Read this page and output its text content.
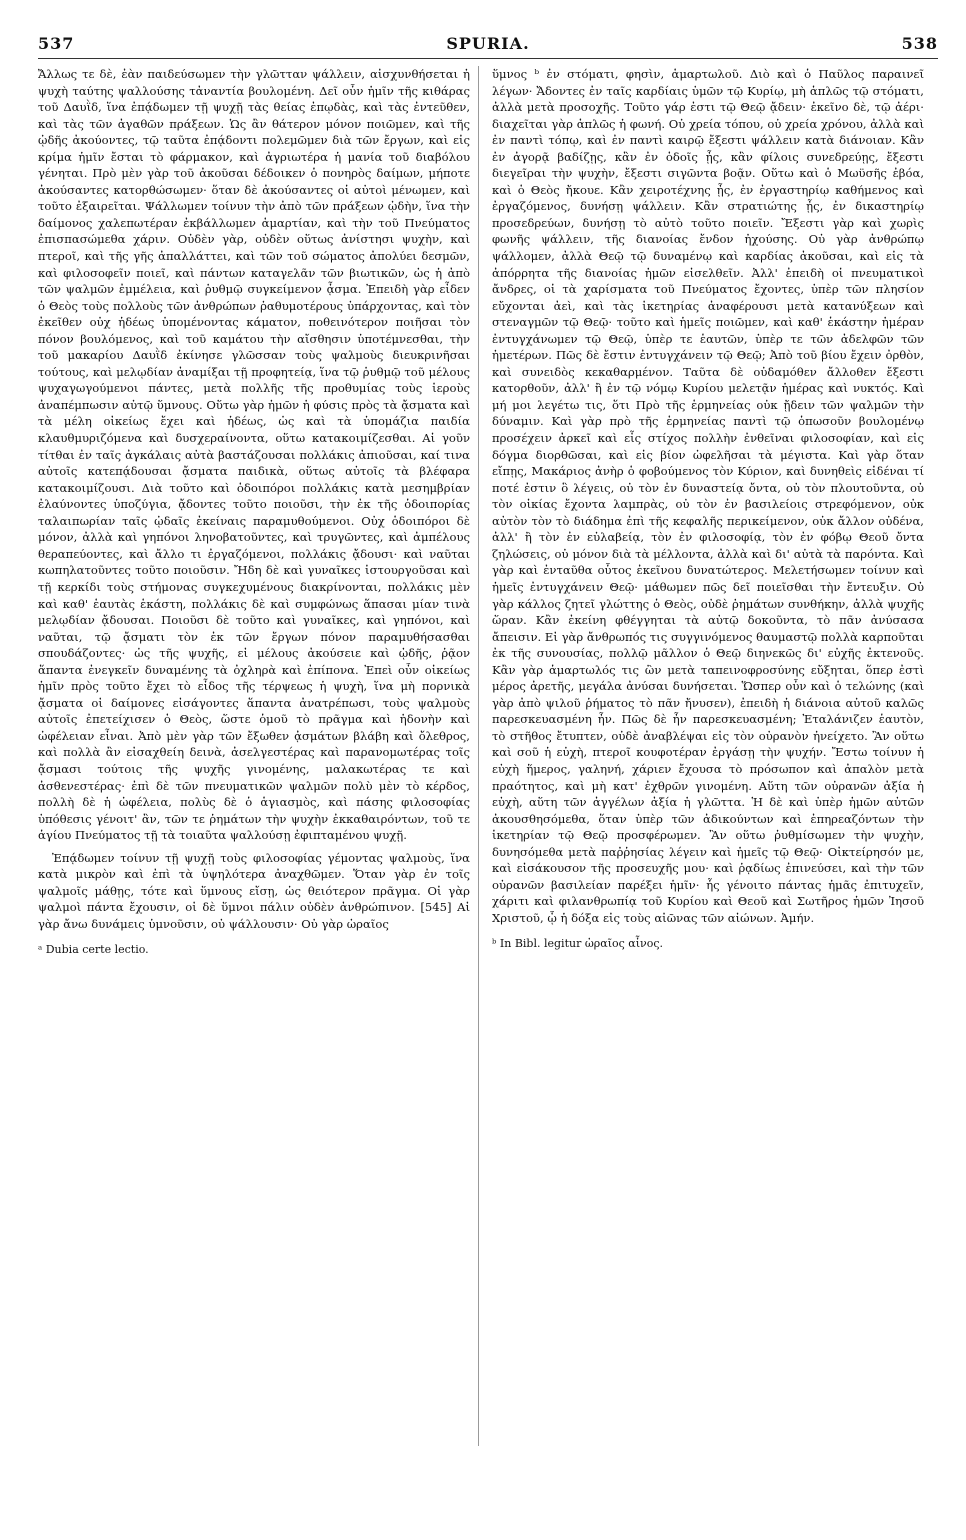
537	SPURIA.	538

Ἄλλως τε δὲ, ἐὰν παιδεύσωμεν τὴν γλῶτταν ψάλλειν, αἰσχυνθήσεται ἡ ψυχὴ ταύτης ψαλλούσης τἀναντία βουλομένη. Δεῖ οὖν ἡμῖν τῆς κιθάρας τοῦ Δαυῒδ, ἵνα ἐπᾴδωμεν τῇ ψυχῇ τὰς θείας ἐπῳδὰς, καὶ τὰς ἐντεῦθεν, καὶ τὰς τῶν ἀγαθῶν πράξεων. Ὡς ἂν θάτερον μόνον ποιῶμεν, καὶ τῆς ᾠδῆς ἀκούοντες, τῷ ταῦτα ἐπᾴδοντι πολεμῶμεν διὰ τῶν ἔργων, καὶ εἰς κρίμα ἡμῖν ἔσται τὸ φάρμακον, καὶ ἀγριωτέρα ἡ μανία τοῦ διαβόλου γένηται. Πρὸ μὲν γὰρ τοῦ ἀκοῦσαι δέδοικεν ὁ πονηρὸς δαίμων, μήποτε ἀκούσαντες κατορθώσωμεν· ὅταν δὲ ἀκούσαντες οἱ αὐτοὶ μένωμεν, καὶ τοῦτο ἐξαιρεῖται. Ψάλλωμεν τοίνυν τὴν ἀπὸ τῶν πράξεων ᾠδὴν, ἵνα τὴν δαίμονος χαλεπωτέραν ἐκβάλλωμεν ἁμαρτίαν, καὶ τὴν τοῦ Πνεύματος ἐπισπασώμεθα χάριν. Οὐδὲν γὰρ, οὐδὲν οὕτως ἀνίστησι ψυχὴν, καὶ πτεροῖ, καὶ τῆς γῆς ἀπαλλάττει, καὶ τῶν τοῦ σώματος ἀπολύει δεσμῶν, καὶ φιλοσοφεῖν ποιεῖ, καὶ πάντων καταγελᾶν τῶν βιωτικῶν, ὡς ἡ ἀπὸ τῶν ψαλμῶν ἐμμέλεια, καὶ ῥυθμῷ συγκείμενον ᾆσμα. Ἐπειδὴ γὰρ εἶδεν ὁ Θεὸς τοὺς πολλοὺς τῶν ἀνθρώπων ῥαθυμοτέρους ὑπάρχοντας, καὶ τὸν ἐκεῖθεν οὐχ ἡδέως ὑπομένοντας κάματον, ποθεινότερον ποιῆσαι τὸν πόνον βουλόμενος, καὶ τοῦ καμάτου τὴν αἴσθησιν ὑποτέμνεσθαι, τὴν τοῦ μακαρίου Δαυῒδ ἐκίνησε γλῶσσαν τοὺς ψαλμοὺς διευκρινῆσαι τούτους, καὶ μελῳδίαν ἀναμίξαι τῇ προφητείᾳ, ἵνα τῷ ῥυθμῷ τοῦ μέλους ψυχαγωγούμενοι πάντες, μετὰ πολλῆς τῆς προθυμίας τοὺς ἱεροὺς ἀναπέμπωσιν αὐτῷ ὕμνους. Οὕτω γὰρ ἡμῶν ἡ φύσις πρὸς τὰ ᾄσματα καὶ τὰ μέλη οἰκείως ἔχει καὶ ἡδέως, ὡς καὶ τὰ ὑπομάζια παιδία κλαυθμυριζόμενα καὶ δυσχεραίνοντα, οὕτω κατακοιμίζεσθαι. Αἱ γοῦν τίτθαι ἐν ταῖς ἀγκάλαις αὐτὰ βαστάζουσαι πολλάκις ἀπιοῦσαι, καί τινα αὐτοῖς κατεπᾴδουσαι ᾄσματα παιδικὰ, οὕτως αὐτοῖς τὰ βλέφαρα κατακοιμίζουσι. Διὰ τοῦτο καὶ ὁδοιπόροι πολλάκις κατὰ μεσημβρίαν ἐλαύνοντες ὑποζύγια, ᾄδοντες τοῦτο ποιοῦσι, τὴν ἐκ τῆς ὁδοιπορίας ταλαιπωρίαν ταῖς ᾠδαῖς ἐκείναις παραμυθούμενοι. Οὐχ ὁδοιπόροι δὲ μόνον, ἀλλὰ καὶ γηπόνοι ληνοβατοῦντες, καὶ τρυγῶντες, καὶ ἀμπέλους θεραπεύοντες, καὶ ἄλλο τι ἐργαζόμενοι, πολλάκις ᾄδουσι· καὶ ναῦται κωπηλατοῦντες τοῦτο ποιοῦσιν. Ἤδη δὲ καὶ γυναῖκες ἱστουργοῦσαι καὶ τῇ κερκίδι τοὺς στήμονας συγκεχυμένους διακρίνονται, πολλάκις μὲν καὶ καθ' ἑαυτὰς ἑκάστη, πολλάκις δὲ καὶ συμφώνως ἅπασαι μίαν τινὰ μελῳδίαν ᾄδουσαι. Ποιοῦσι δὲ τοῦτο καὶ γυναῖκες, καὶ γηπόνοι, καὶ ναῦται, τῷ ᾄσματι τὸν ἐκ τῶν ἔργων πόνον παραμυθήσασθαι σπουδάζοντες· ὡς τῆς ψυχῆς, εἰ μέλους ἀκούσειε καὶ ᾠδῆς, ῥᾷον ἅπαντα ἐνεγκεῖν δυναμένης τὰ ὀχληρὰ καὶ ἐπίπονα. Ἐπεὶ οὖν οἰκείως ἡμῖν πρὸς τοῦτο ἔχει τὸ εἶδος τῆς τέρψεως ἡ ψυχὴ, ἵνα μὴ πορνικὰ ᾄσματα οἱ δαίμονες εἰσάγοντες ἅπαντα ἀνατρέπωσι, τοὺς ψαλμοὺς αὐτοῖς ἐπετείχισεν ὁ Θεὸς, ὥστε ὁμοῦ τὸ πρᾶγμα καὶ ἡδονὴν καὶ ὠφέλειαν εἶναι. Ἀπὸ μὲν γὰρ τῶν ἔξωθεν ᾀσμάτων βλάβη καὶ ὄλεθρος, καὶ πολλὰ ἂν εἰσαχθείη δεινὰ, ἀσελγεστέρας καὶ παρανομωτέρας τοῖς ᾄσμασι τούτοις τῆς ψυχῆς γινομένης, μαλακωτέρας τε καὶ ἀσθενεστέρας· ἐπὶ δὲ τῶν πνευματικῶν ψαλμῶν πολὺ μὲν τὸ κέρδος, πολλὴ δὲ ἡ ὠφέλεια, πολὺς δὲ ὁ ἁγιασμὸς, καὶ πάσης φιλοσοφίας ὑπόθεσις γένοιτ' ἂν, τῶν τε ῥημάτων τὴν ψυχὴν ἐκκαθαιρόντων, τοῦ τε ἁγίου Πνεύματος τῇ τὰ τοιαῦτα ψαλλούσῃ ἐφιπταμένου ψυχῇ.

Ἐπᾴδωμεν τοίνυν τῇ ψυχῇ τοὺς φιλοσοφίας γέμοντας ψαλμοὺς, ἵνα κατὰ μικρὸν καὶ ἐπὶ τὰ ὑψηλότερα ἀναχθῶμεν. Ὅταν γὰρ ἐν τοῖς ψαλμοῖς μάθῃς, τότε καὶ ὕμνους εἴσῃ, ὡς θειότερον πρᾶγμα. Οἱ γὰρ ψαλμοὶ πάντα ἔχουσιν, οἱ δὲ ὕμνοι πάλιν οὐδὲν ἀνθρώπινον. [545] Αἱ γὰρ ἄνω δυνάμεις ὑμνοῦσιν, οὐ ψάλλουσιν· Οὐ γὰρ ὡραῖος

ᵃ Dubia certe lectio.

ὕμνος ᵇ ἐν στόματι, φησὶν, ἁμαρτωλοῦ. Διὸ καὶ ὁ Παῦλος παραινεῖ λέγων· Ἄδοντες ἐν ταῖς καρδίαις ὑμῶν τῷ Κυρίῳ, μὴ ἁπλῶς τῷ στόματι, ἀλλὰ μετὰ προσοχῆς. Τοῦτο γάρ ἐστι τῷ Θεῷ ᾄδειν· ἐκεῖνο δὲ, τῷ ἀέρι· διαχεῖται γὰρ ἁπλῶς ἡ φωνή. Οὐ χρεία τόπου, οὐ χρεία χρόνου, ἀλλὰ καὶ ἐν παντὶ τόπῳ, καὶ ἐν παντὶ καιρῷ ἔξεστι ψάλλειν κατὰ διάνοιαν. Κἂν ἐν ἀγορᾷ βαδίζῃς, κἂν ἐν ὁδοῖς ᾖς, κἂν φίλοις συνεδρεύῃς, ἔξεστι διεγεῖραι τὴν ψυχὴν, ἔξεστι σιγῶντα βοᾷν. Οὕτω καὶ ὁ Μωϋσῆς ἐβόα, καὶ ὁ Θεὸς ἤκουε. Κἂν χειροτέχνης ᾖς, ἐν ἐργαστηρίῳ καθήμενος καὶ ἐργαζόμενος, δυνήσῃ ψάλλειν. Κἂν στρατιώτης ᾖς, ἐν δικαστηρίῳ προσεδρεύων, δυνήσῃ τὸ αὐτὸ τοῦτο ποιεῖν. Ἔξεστι γὰρ καὶ χωρὶς φωνῆς ψάλλειν, τῆς διανοίας ἔνδον ἠχούσης. Οὐ γὰρ ἀνθρώπῳ ψάλλομεν, ἀλλὰ Θεῷ τῷ δυναμένῳ καὶ καρδίας ἀκοῦσαι, καὶ εἰς τὰ ἀπόρρητα τῆς διανοίας ἡμῶν εἰσελθεῖν. Ἀλλ' ἐπειδὴ οἱ πνευματικοὶ ἄνδρες, οἱ τὰ χαρίσματα τοῦ Πνεύματος ἔχοντες, ὑπὲρ τῶν πλησίον εὔχονται ἀεὶ, καὶ τὰς ἱκετηρίας ἀναφέρουσι μετὰ κατανύξεων καὶ στεναγμῶν τῷ Θεῷ· τοῦτο καὶ ἡμεῖς ποιῶμεν, καὶ καθ' ἑκάστην ἡμέραν ἐντυγχάνωμεν τῷ Θεῷ, ὑπὲρ τε ἑαυτῶν, ὑπὲρ τε τῶν ἀδελφῶν τῶν ἡμετέρων. Πῶς δὲ ἔστιν ἐντυγχάνειν τῷ Θεῷ; Ἀπὸ τοῦ βίου ἔχειν ὀρθὸν, καὶ συνειδὸς κεκαθαρμένον. Ταῦτα δὲ οὐδαμόθεν ἄλλοθεν ἔξεστι κατορθοῦν, ἀλλ' ἢ ἐν τῷ νόμῳ Κυρίου μελετᾷν ἡμέρας καὶ νυκτός. Καὶ μή μοι λεγέτω τις, ὅτι Πρὸ τῆς ἑρμηνείας οὐκ ᾔδειν τῶν ψαλμῶν τὴν δύναμιν. Καὶ γὰρ πρὸ τῆς ἑρμηνείας παντὶ τῷ ὁπωσοῦν βουλομένῳ προσέχειν ἀρκεῖ καὶ εἷς στίχος πολλὴν ἐνθεῖναι φιλοσοφίαν, καὶ εἰς δόγμα διορθῶσαι, καὶ εἰς βίον ὠφελῆσαι τὰ μέγιστα. Καὶ γὰρ ὅταν εἴπῃς, Μακάριος ἀνὴρ ὁ φοβούμενος τὸν Κύριον, καὶ δυνηθεὶς εἰδέναι τί ποτέ ἐστιν ὃ λέγεις, οὐ τὸν ἐν δυναστείᾳ ὄντα, οὐ τὸν πλουτοῦντα, οὐ τὸν οἰκίας ἔχοντα λαμπρὰς, οὐ τὸν ἐν βασιλείοις στρεφόμενον, οὐκ αὐτὸν τὸν τὸ διάδημα ἐπὶ τῆς κεφαλῆς περικείμενον, οὐκ ἄλλον οὐδένα, ἀλλ' ἢ τὸν ἐν εὐλαβείᾳ, τὸν ἐν φιλοσοφίᾳ, τὸν ἐν φόβῳ Θεοῦ ὄντα ζηλώσεις, οὐ μόνον διὰ τὰ μέλλοντα, ἀλλὰ καὶ δι' αὐτὰ τὰ παρόντα. Καὶ γὰρ καὶ ἐνταῦθα οὗτος ἐκεῖνου δυνατώτερος. Μελετήσωμεν τοίνυν καὶ ἡμεῖς ἐντυγχάνειν Θεῷ· μάθωμεν πῶς δεῖ ποιεῖσθαι τὴν ἔντευξιν. Οὐ γὰρ κάλλος ζητεῖ γλώττης ὁ Θεὸς, οὐδὲ ῥημάτων συνθήκην, ἀλλὰ ψυχῆς ὥραν. Κἂν ἐκείνη φθέγγηται τὰ αὐτῷ δοκοῦντα, τὸ πᾶν ἀνύσασα ἄπεισιν. Εἰ γὰρ ἄνθρωπός τις συγγινόμενος θαυμαστῷ πολλὰ καρποῦται ἐκ τῆς συνουσίας, πολλῷ μᾶλλον ὁ Θεῷ διηνεκῶς δι' εὐχῆς ἐκτενοῦς. Κἂν γὰρ ἁμαρτωλός τις ὢν μετὰ ταπεινοφροσύνης εὔξηται, ὅπερ ἐστὶ μέρος ἀρετῆς, μεγάλα ἀνύσαι δυνήσεται. Ὥσπερ οὖν καὶ ὁ τελώνης (καὶ γὰρ ἀπὸ ψιλοῦ ῥήματος τὸ πᾶν ἤνυσεν), ἐπειδὴ ἡ διάνοια αὐτοῦ καλῶς παρεσκευασμένη ἦν. Πῶς δὲ ἦν παρεσκευασμένη; Ἐταλάνιζεν ἑαυτὸν, τὸ στῆθος ἔτυπτεν, οὐδὲ ἀναβλέψαι εἰς τὸν οὐρανὸν ἠνείχετο. Ἂν οὕτω καὶ σοῦ ἡ εὐχὴ, πτεροῖ κουφοτέραν ἐργάσῃ τὴν ψυχήν. Ἔστω τοίνυν ἡ εὐχὴ ἥμερος, γαληνή, χάριεν ἔχουσα τὸ πρόσωπον καὶ ἀπαλὸν μετὰ πραότητος, καὶ μὴ κατ' ἐχθρῶν γινομένη. Αὕτη τῶν οὐρανῶν ἀξία ἡ εὐχὴ, αὕτη τῶν ἀγγέλων ἀξία ἡ γλῶττα. Ἡ δὲ καὶ ὑπὲρ ἡμῶν αὐτῶν ἀκουσθησόμεθα, ὅταν ὑπὲρ τῶν ἀδικούντων καὶ ἐπηρεαζόντων τὴν ἱκετηρίαν τῷ Θεῷ προσφέρωμεν. Ἂν οὕτω ῥυθμίσωμεν τὴν ψυχὴν, δυνησόμεθα μετὰ παῤῥησίας λέγειν καὶ ἡμεῖς τῷ Θεῷ· Οἰκτείρησόν με, καὶ εἰσάκουσον τῆς προσευχῆς μου· καὶ ῥᾳδίως ἐπινεύσει, καὶ τὴν τῶν οὐρανῶν βασιλείαν παρέξει ἡμῖν· ἧς γένοιτο πάντας ἡμᾶς ἐπιτυχεῖν, χάριτι καὶ φιλανθρωπίᾳ τοῦ Κυρίου καὶ Θεοῦ καὶ Σωτῆρος ἡμῶν Ἰησοῦ Χριστοῦ, ᾧ ἡ δόξα εἰς τοὺς αἰῶνας τῶν αἰώνων. Ἀμήν.

ᵇ In Bibl. legitur ὡραῖος αἶνος.
